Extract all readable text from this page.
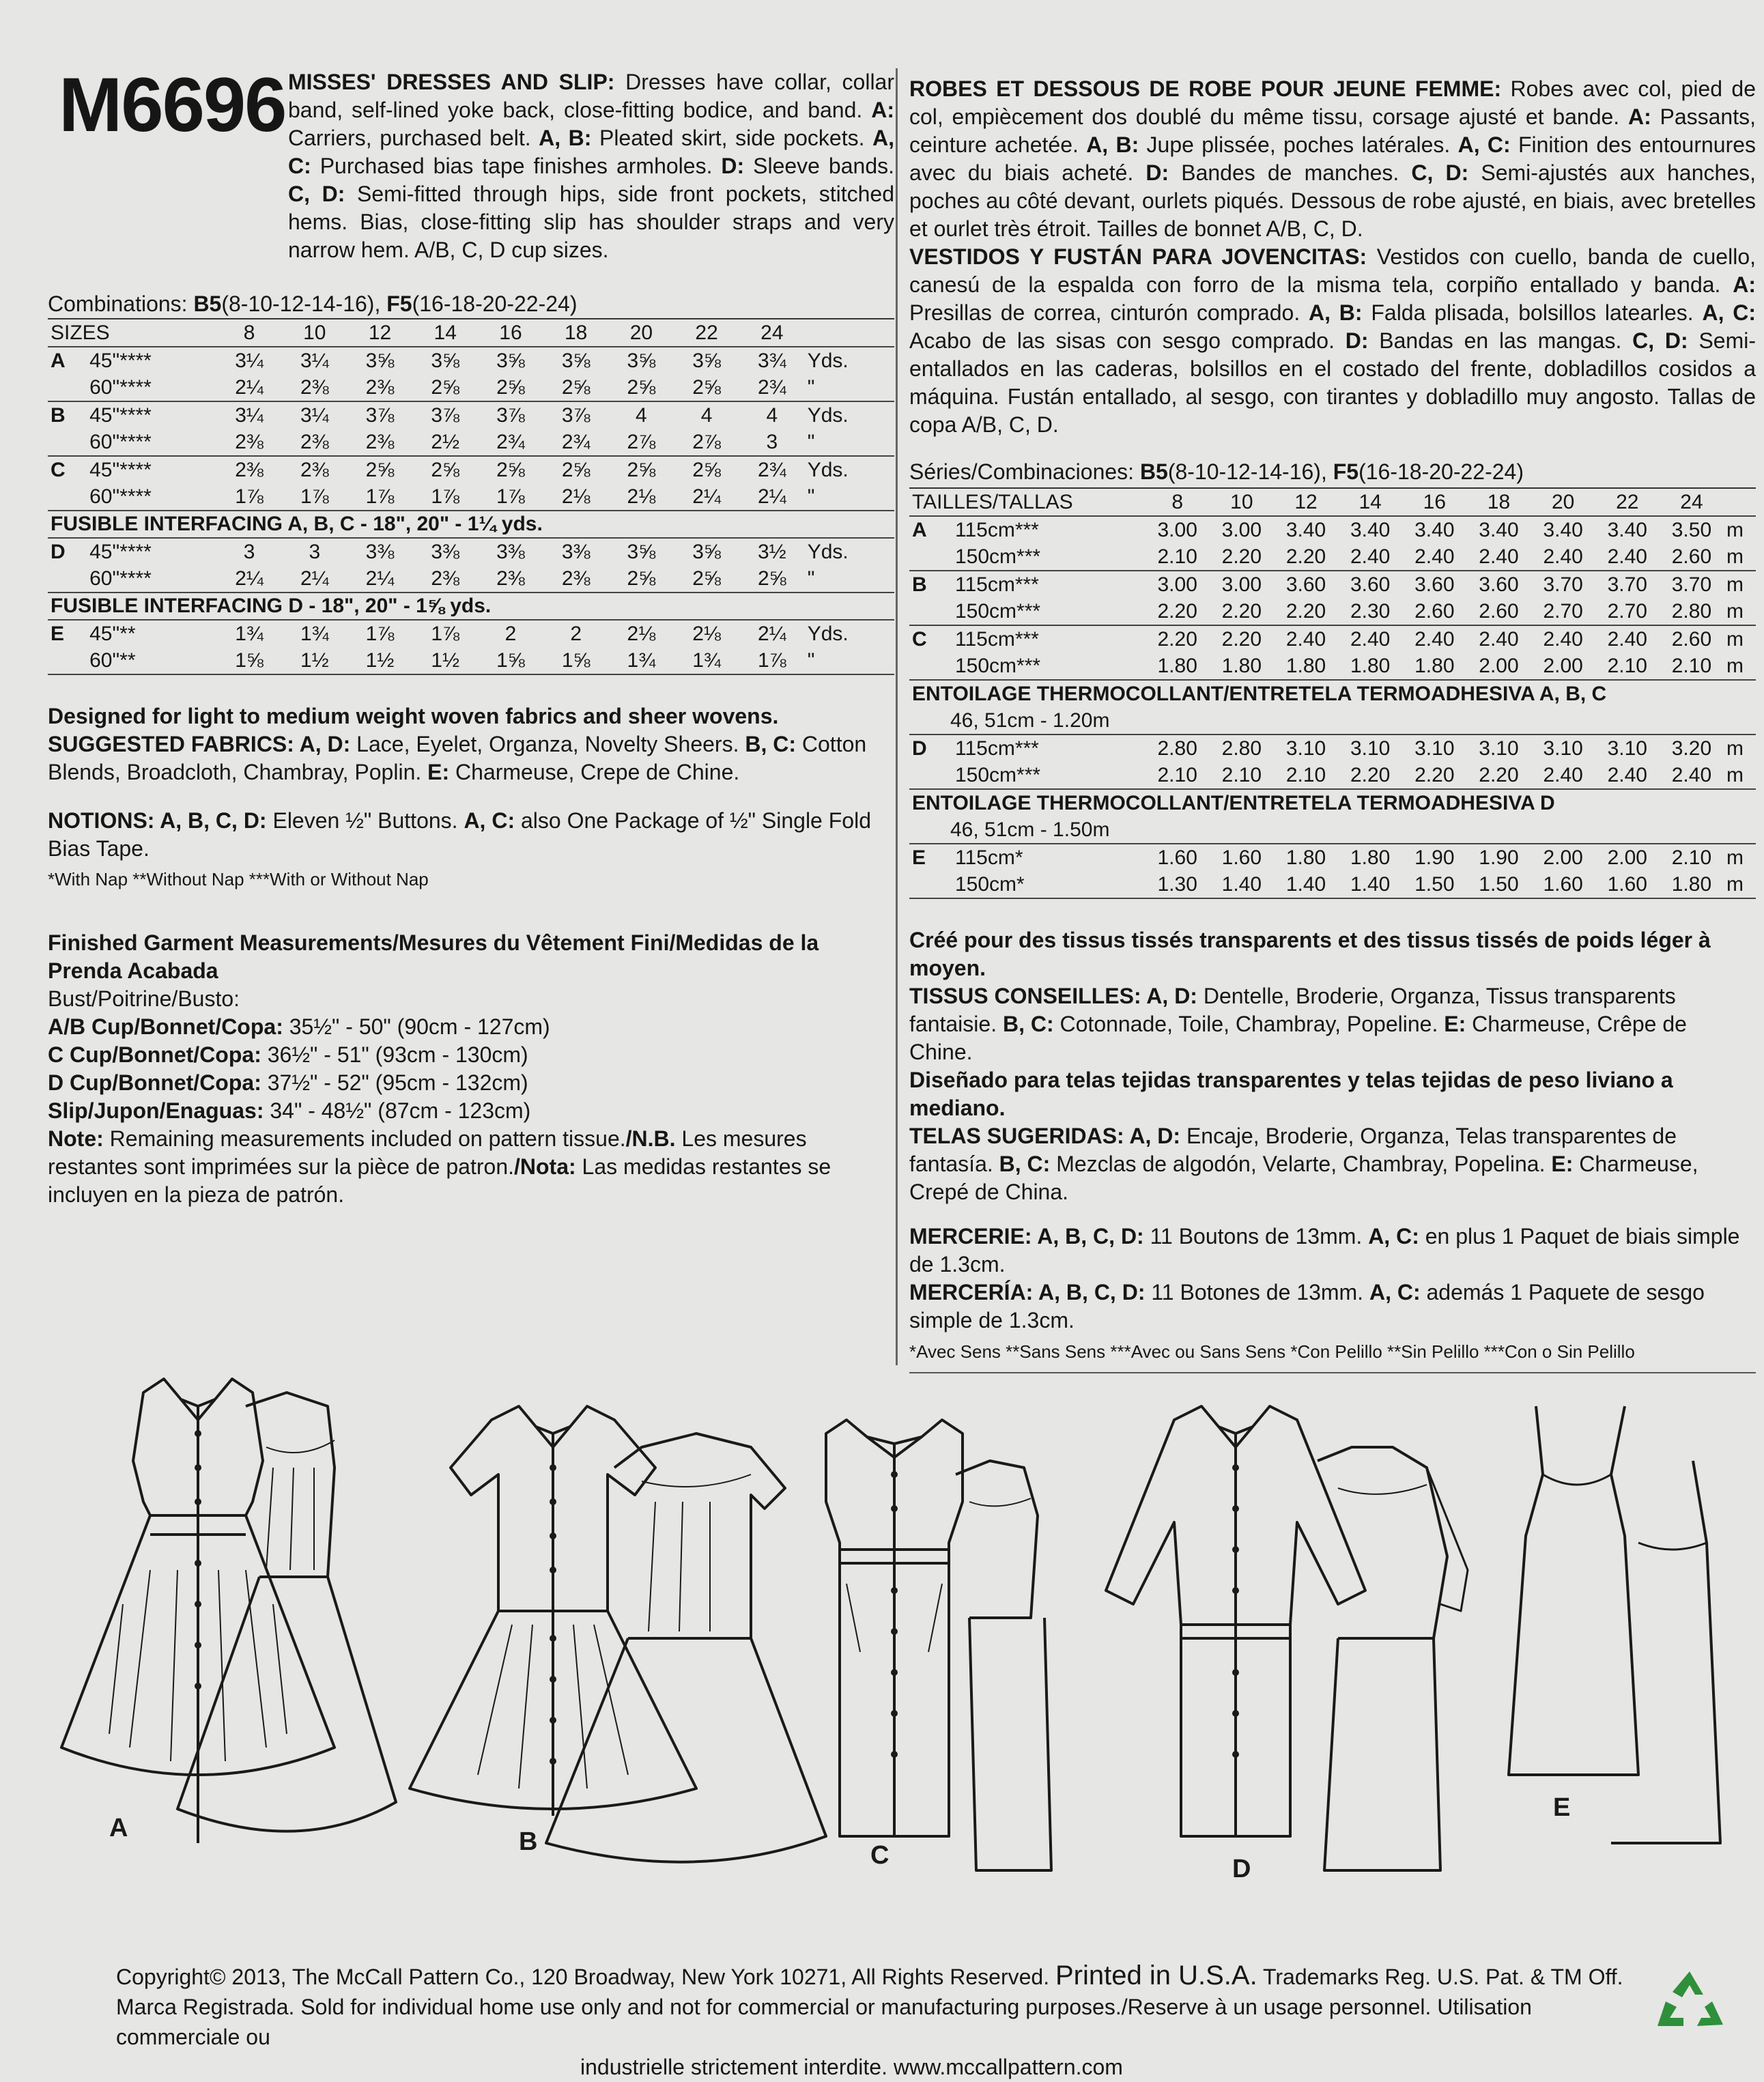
M6696 MISSES' DRESSES AND SLIP: Dresses have collar, collar band, self-lined yoke back, close-fitting bodice, and band. A: Carriers, purchased belt. A, B: Pleated skirt, side pockets. A, C: Purchased bias tape finishes armholes. D: Sleeve bands. C, D: Semi-fitted through hips, side front pockets, stitched hems. Bias, close-fitting slip has shoulder straps and very narrow hem. A/B, C, D cup sizes.
Combinations: B5(8-10-12-14-16), F5(16-18-20-22-24)
SIZES		8	10	12	14	16	18	20	22	24	
A	45"****	3¼	3¼	3⅝	3⅝	3⅝	3⅝	3⅝	3⅝	3¾	Yds.
	60"****	2¼	2⅜	2⅜	2⅝	2⅝	2⅝	2⅝	2⅝	2¾	"
B	45"****	3¼	3¼	3⅞	3⅞	3⅞	3⅞	4	4	4	Yds.
	60"****	2⅜	2⅜	2⅜	2½	2¾	2¾	2⅞	2⅞	3	"
C	45"****	2⅜	2⅜	2⅝	2⅝	2⅝	2⅝	2⅝	2⅝	2¾	Yds.
	60"****	1⅞	1⅞	1⅞	1⅞	1⅞	2⅛	2⅛	2¼	2¼	"
FUSIBLE INTERFACING A, B, C - 18", 20" - 1¼ yds.											
D	45"****	3	3	3⅜	3⅜	3⅜	3⅜	3⅝	3⅝	3½	Yds.
	60"****	2¼	2¼	2¼	2⅜	2⅜	2⅜	2⅝	2⅝	2⅝	"
FUSIBLE INTERFACING D - 18", 20" - 1⅝ yds.											
E	45"**	1¾	1¾	1⅞	1⅞	2	2	2⅛	2⅛	2¼	Yds.
	60"**	1⅝	1½	1½	1½	1⅝	1⅝	1¾	1¾	1⅞	"
Designed for light to medium weight woven fabrics and sheer wovens.
SUGGESTED FABRICS: A, D: Lace, Eyelet, Organza, Novelty Sheers. B, C: Cotton Blends, Broadcloth, Chambray, Poplin. E: Charmeuse, Crepe de Chine.
NOTIONS: A, B, C, D: Eleven ½" Buttons. A, C: also One Package of ½" Single Fold Bias Tape.
*With Nap **Without Nap ***With or Without Nap
Finished Garment Measurements/Mesures du Vêtement Fini/Medidas de la Prenda Acabada
Bust/Poitrine/Busto:
A/B Cup/Bonnet/Copa: 35½" - 50" (90cm - 127cm)
C Cup/Bonnet/Copa: 36½" - 51" (93cm - 130cm)
D Cup/Bonnet/Copa: 37½" - 52" (95cm - 132cm)
Slip/Jupon/Enaguas: 34" - 48½" (87cm - 123cm)
Note: Remaining measurements included on pattern tissue./N.B. Les mesures restantes sont imprimées sur la pièce de patron./Nota: Las medidas restantes se incluyen en la pieza de patrón.
ROBES ET DESSOUS DE ROBE POUR JEUNE FEMME: Robes avec col, pied de col, empiècement dos doublé du même tissu, corsage ajusté et bande. A: Passants, ceinture achetée. A, B: Jupe plissée, poches latérales. A, C: Finition des entournures avec du biais acheté. D: Bandes de manches. C, D: Semi-ajustés aux hanches, poches au côté devant, ourlets piqués. Dessous de robe ajusté, en biais, avec bretelles et ourlet très étroit. Tailles de bonnet A/B, C, D.
VESTIDOS Y FUSTÁN PARA JOVENCITAS: Vestidos con cuello, banda de cuello, canesú de la espalda con forro de la misma tela, corpiño entallado y banda. A: Presillas de correa, cinturón comprado. A, B: Falda plisada, bolsillos latearles. A, C: Acabo de las sisas con sesgo comprado. D: Bandas en las mangas. C, D: Semi-entallados en las caderas, bolsillos en el costado del frente, dobladillos cosidos a máquina. Fustán entallado, al sesgo, con tirantes y dobladillo muy angosto. Tallas de copa A/B, C, D.
Séries/Combinaciones: B5(8-10-12-14-16), F5(16-18-20-22-24)
TAILLES/TALLAS		8	10	12	14	16	18	20	22	24	
A	115cm***	3.00	3.00	3.40	3.40	3.40	3.40	3.40	3.40	3.50	m
	150cm***	2.10	2.20	2.20	2.40	2.40	2.40	2.40	2.40	2.60	m
B	115cm***	3.00	3.00	3.60	3.60	3.60	3.60	3.70	3.70	3.70	m
	150cm***	2.20	2.20	2.20	2.30	2.60	2.60	2.70	2.70	2.80	m
C	115cm***	2.20	2.20	2.40	2.40	2.40	2.40	2.40	2.40	2.60	m
	150cm***	1.80	1.80	1.80	1.80	1.80	2.00	2.00	2.10	2.10	m
ENTOILAGE THERMOCOLLANT/ENTRETELA TERMOADHESIVA A, B, C											
46, 51cm - 1.20m											
D	115cm***	2.80	2.80	3.10	3.10	3.10	3.10	3.10	3.10	3.20	m
	150cm***	2.10	2.10	2.10	2.20	2.20	2.20	2.40	2.40	2.40	m
ENTOILAGE THERMOCOLLANT/ENTRETELA TERMOADHESIVA D											
46, 51cm - 1.50m											
E	115cm*	1.60	1.60	1.80	1.80	1.90	1.90	2.00	2.00	2.10	m
	150cm*	1.30	1.40	1.40	1.40	1.50	1.50	1.60	1.60	1.80	m
Créé pour des tissus tissés transparents et des tissus tissés de poids léger à moyen.
TISSUS CONSEILLES: A, D: Dentelle, Broderie, Organza, Tissus transparents fantaisie. B, C: Cotonnade, Toile, Chambray, Popeline. E: Charmeuse, Crêpe de Chine.
Diseñado para telas tejidas transparentes y telas tejidas de peso liviano a mediano.
TELAS SUGERIDAS: A, D: Encaje, Broderie, Organza, Telas transparentes de fantasía. B, C: Mezclas de algodón, Velarte, Chambray, Popelina. E: Charmeuse, Crepé de China.
MERCERIE: A, B, C, D: 11 Boutons de 13mm. A, C: en plus 1 Paquet de biais simple de 1.3cm.
MERCERÍA: A, B, C, D: 11 Botones de 13mm. A, C: además 1 Paquete de sesgo simple de 1.3cm.
*Avec Sens **Sans Sens ***Avec ou Sans Sens *Con Pelillo **Sin Pelillo ***Con o Sin Pelillo
A	B	C	D
E
Copyright© 2013, The McCall Pattern Co., 120 Broadway, New York 10271, All Rights Reserved. Printed in U.S.A. Trademarks Reg. U.S. Pat. & TM Off.
Marca Registrada. Sold for individual home use only and not for commercial or manufacturing purposes./Reserve à un usage personnel. Utilisation commerciale ou
industrielle strictement interdite. www.mccallpattern.com
